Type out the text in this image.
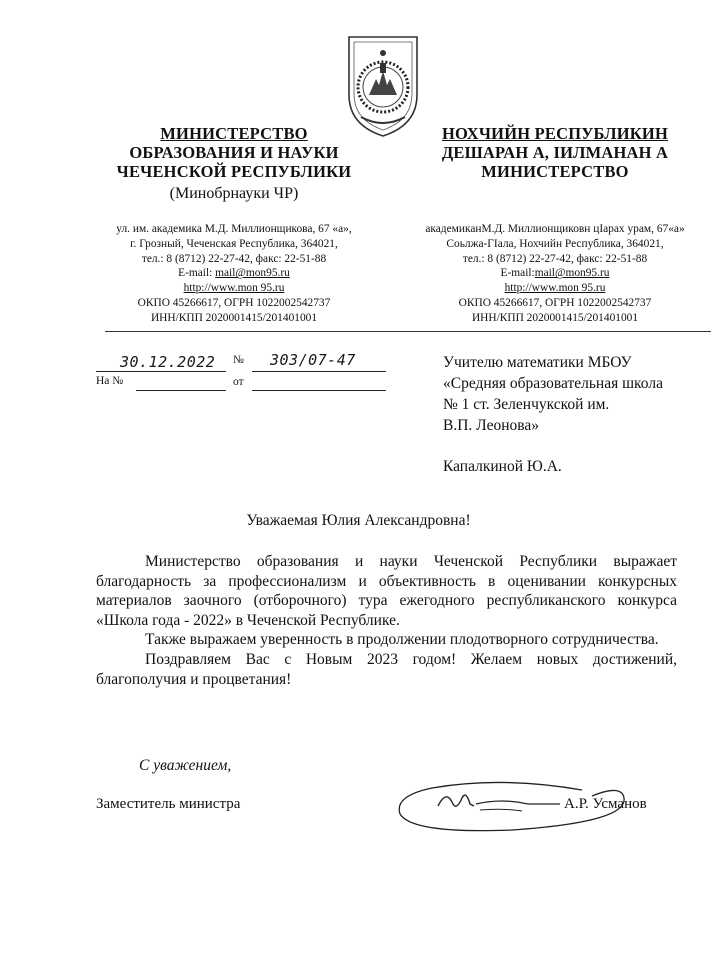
МИНИСТЕРСТВО
ОБРАЗОВАНИЯ И НАУКИ
ЧЕЧЕНСКОЙ РЕСПУБЛИКИ
(Минобрнауки ЧР)
ул. им. академика М.Д. Миллионщикова, 67 «а»,
г. Грозный, Чеченская Республика, 364021,
тел.: 8 (8712) 22-27-42, факс: 22-51-88
E-mail: mail@mon95.ru
http://www.mon 95.ru
ОКПО 45266617, ОГРН 1022002542737
ИНН/КПП 2020001415/201401001
НОХЧИЙН РЕСПУБЛИКИН
ДЕШАРАН А, ӀИЛМАНАН А
МИНИСТЕРСТВО
академиканМ.Д. Миллионщиковн цӀарах урам, 67«а»
Соьлжа-ГӀала, Нохчийн Республика, 364021,
тел.: 8 (8712) 22-27-42, факс: 22-51-88
E-mail:mail@mon95.ru
http://www.mon 95.ru
ОКПО 45266617, ОГРН 1022002542737
ИНН/КПП 2020001415/201401001
30.12.2022 № 303/07-47
На №	от
Учителю математики МБОУ
«Средняя образовательная школа
№ 1 ст. Зеленчукской им.
В.П. Леонова»
Капалкиной Ю.А.
Уважаемая Юлия Александровна!

Министерство образования и науки Чеченской Республики выражает благодарность за профессионализм и объективность в оценивании конкурсных материалов заочного (отборочного) тура ежегодного республиканского конкурса «Школа года - 2022» в Чеченской Республике.

Также выражаем уверенность в продолжении плодотворного сотрудничества.

Поздравляем Вас с Новым 2023 годом! Желаем новых достижений, благополучия и процветания!

С уважением,
Заместитель министра	А.Р. Усманов
